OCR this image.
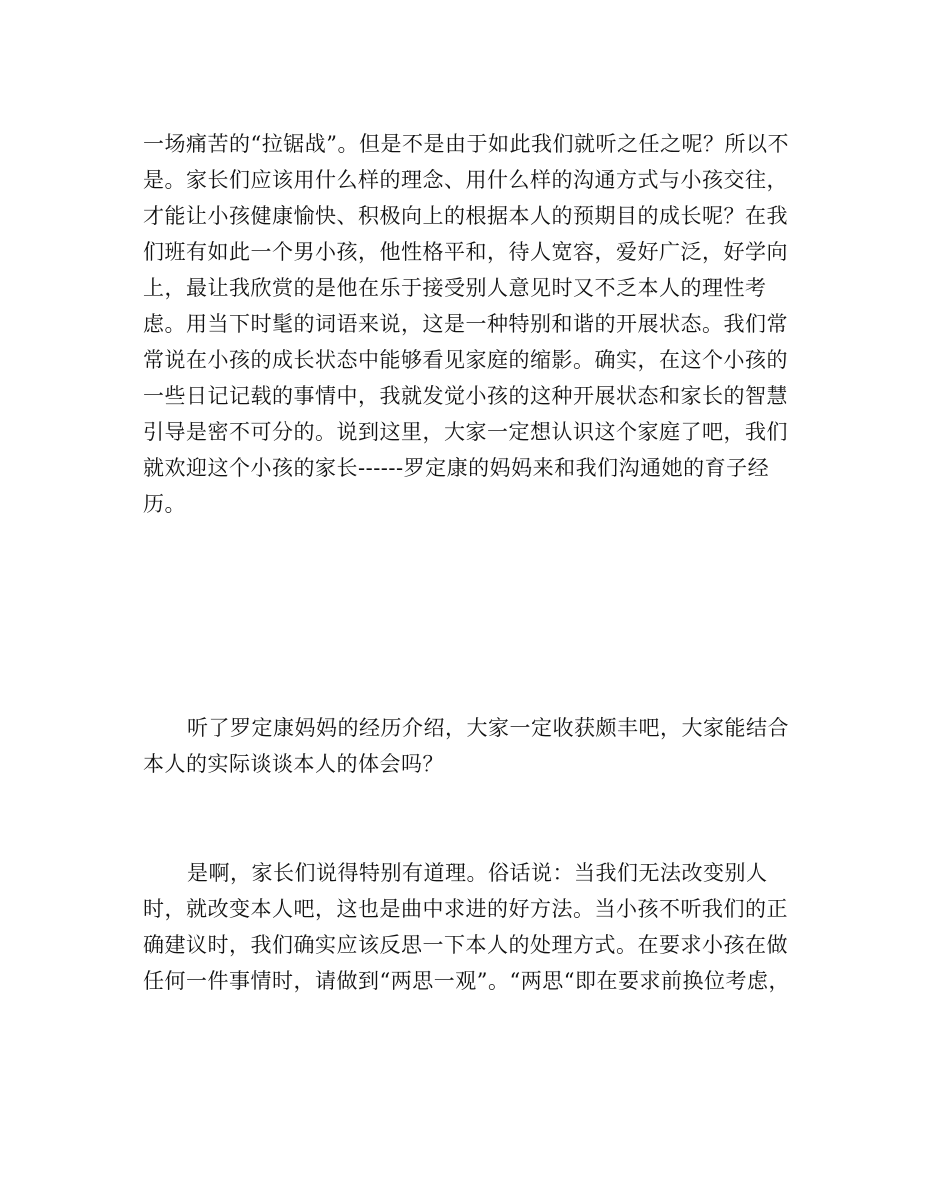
一场痛苦的“拉锯战”。但是不是由于如此我们就听之任之呢？所以不
是。家长们应该用什么样的理念、用什么样的沟通方式与小孩交往，
才能让小孩健康愉快、积极向上的根据本人的预期目的成长呢？在我
们班有如此一个男小孩，他性格平和，待人宽容，爱好广泛，好学向
上，最让我欣赏的是他在乐于接受别人意见时又不乏本人的理性考
虑。用当下时髦的词语来说，这是一种特别和谐的开展状态。我们常
常说在小孩的成长状态中能够看见家庭的缩影。确实，在这个小孩的
一些日记记载的事情中，我就发觉小孩的这种开展状态和家长的智慧
引导是密不可分的。说到这里，大家一定想认识这个家庭了吧，我们
就欢迎这个小孩的家长------罗定康的妈妈来和我们沟通她的育子经
历。
听了罗定康妈妈的经历介绍，大家一定收获颇丰吧，大家能结合
本人的实际谈谈本人的体会吗？
是啊，家长们说得特别有道理。俗话说：当我们无法改变别人
时，就改变本人吧，这也是曲中求进的好方法。当小孩不听我们的正
确建议时，我们确实应该反思一下本人的处理方式。在要求小孩在做
任何一件事情时，请做到“两思一观”。“两思“即在要求前换位考虑，
